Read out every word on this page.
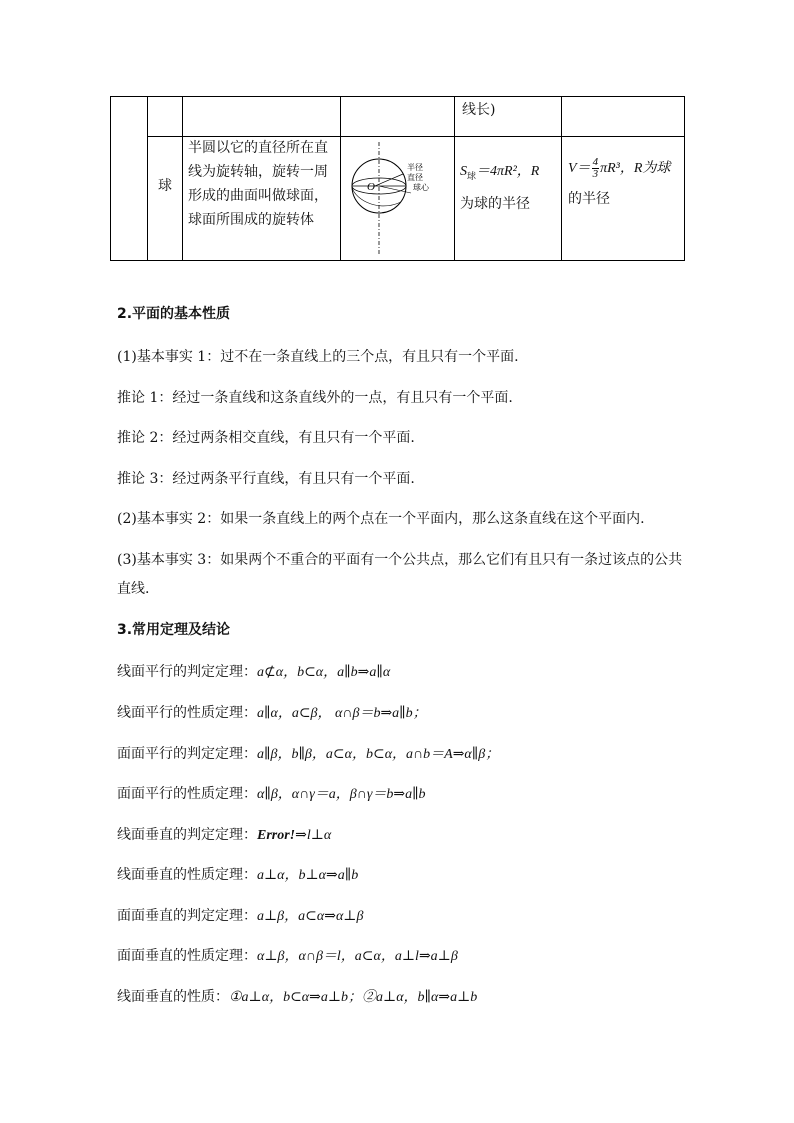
线长)
球
半圆以它的直径所在直
线为旋转轴，旋转一周
形成的曲面叫做球面，
球面所围成的旋转体
O
半径
直径
球心
$S_球=4\pi R^2$，R
为球的半径
$V= \frac{4}{3} \pi R^3$，R为球
的半径
2.平面的基本性质
(1)基本事实 1：过不在一条直线上的三个点，有且只有一个平面.
推论 1：经过一条直线和这条直线外的一点，有且只有一个平面.
推论 2：经过两条相交直线，有且只有一个平面.
推论 3：经过两条平行直线，有且只有一个平面.
(2)基本事实 2：如果一条直线上的两个点在一个平面内，那么这条直线在这个平面内.
(3)基本事实 3：如果两个不重合的平面有一个公共点，那么它们有且只有一条过该点的公共
直线.
3.常用定理及结论
线面平行的判定定理：a⊄α，b⊂α，a∥b⇒a∥α
线面平行的性质定理：a∥α，a⊂β， α∩β＝b⇒a∥b；
面面平行的判定定理：a∥β，b∥β，a⊂α，b⊂α，a∩b＝A⇒α∥β；
面面平行的性质定理：α∥β，α∩γ＝a，β∩γ＝b⇒a∥b
线面垂直的判定定理：Error!⇒l⊥α
线面垂直的性质定理：a⊥α，b⊥α⇒a∥b
面面垂直的判定定理：a⊥β，a⊂α⇒α⊥β
面面垂直的性质定理：α⊥β，α∩β＝l，a⊂α，a⊥l⇒a⊥β
线面垂直的性质：①a⊥α，b⊂α⇒a⊥b；②a⊥α，b∥α⇒a⊥b
